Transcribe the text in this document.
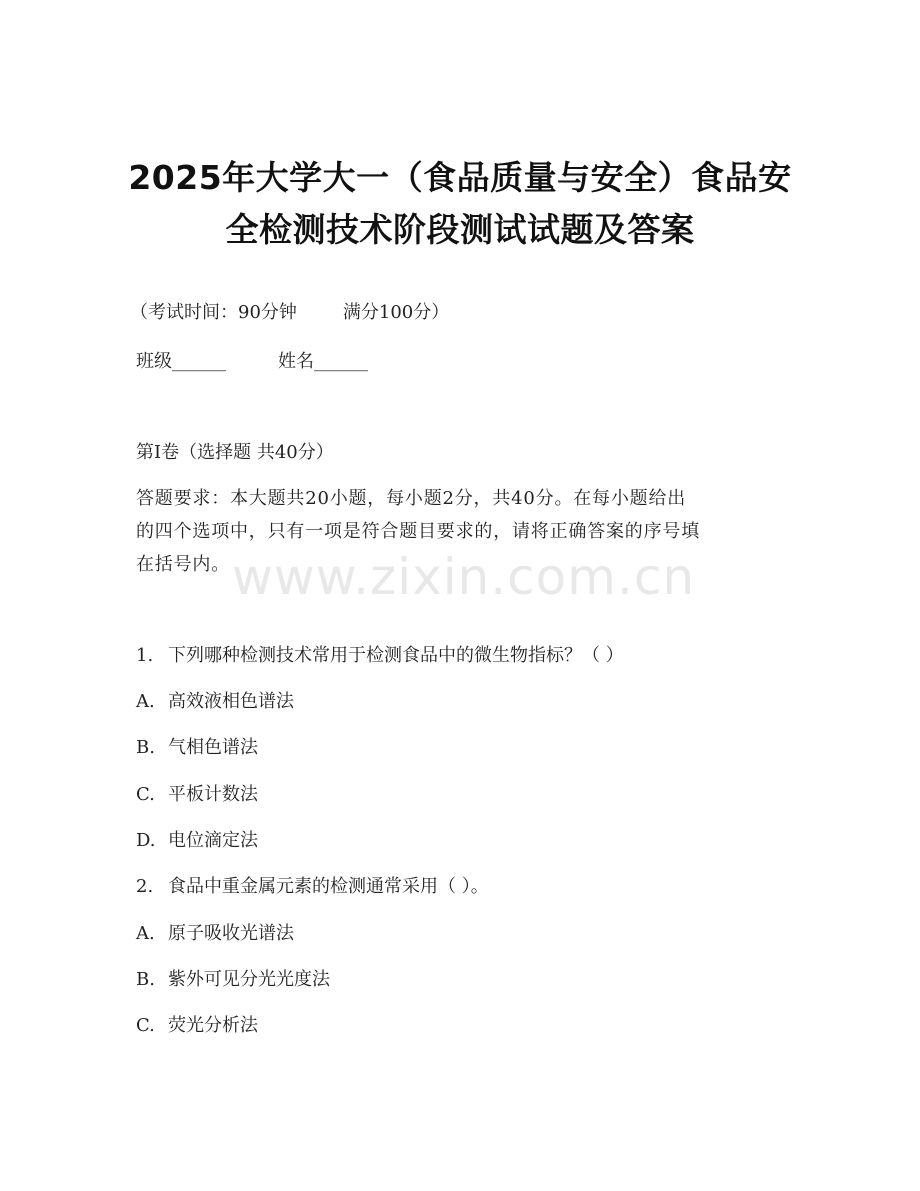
2025年大学大一（食品质量与安全）食品安
全检测技术阶段测试试题及答案
（考试时间：90分钟	满分100分）
班级______	姓名______
第I卷（选择题 共40分）
答题要求：本大题共20小题，每小题2分，共40分。在每小题给出
的四个选项中，只有一项是符合题目要求的，请将正确答案的序号填
在括号内。 www.zixin.com.cn
1. 下列哪种检测技术常用于检测食品中的微生物指标？（ ）
A. 高效液相色谱法
B. 气相色谱法
C. 平板计数法
D. 电位滴定法
2. 食品中重金属元素的检测通常采用（ ）。
A. 原子吸收光谱法
B. 紫外可见分光光度法
C. 荧光分析法
